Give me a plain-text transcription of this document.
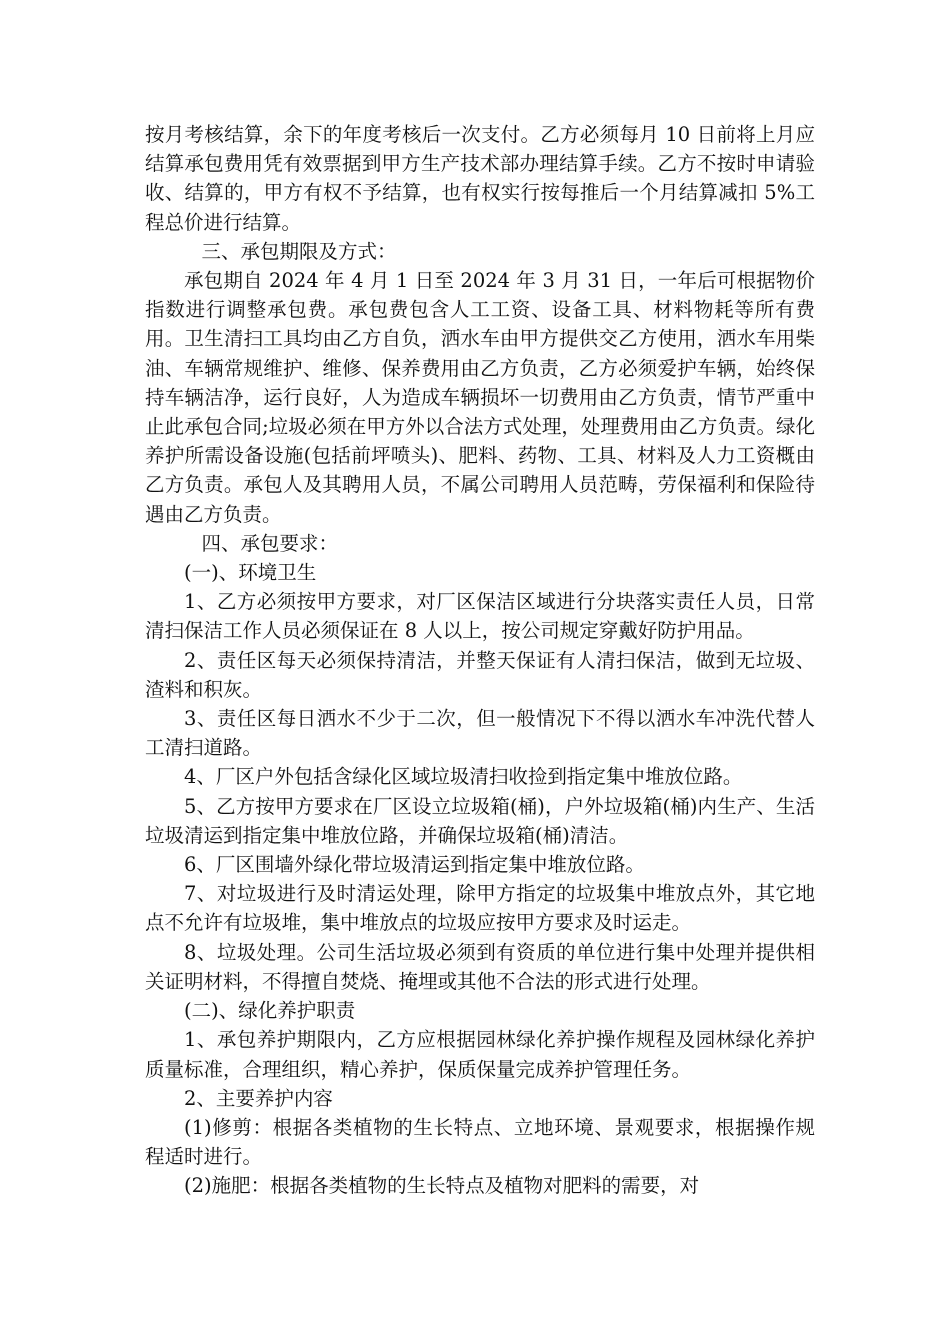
按月考核结算，余下的年度考核后一次支付。乙方必须每月 10 日前将上月应结算承包费用凭有效票据到甲方生产技术部办理结算手续。乙方不按时申请验收、结算的，甲方有权不予结算，也有权实行按每推后一个月结算减扣 5%工程总价进行结算。

三、承包期限及方式：

承包期自 2024 年 4 月 1 日至 2024 年 3 月 31 日，一年后可根据物价指数进行调整承包费。承包费包含人工工资、设备工具、材料物耗等所有费用。卫生清扫工具均由乙方自负，洒水车由甲方提供交乙方使用，洒水车用柴油、车辆常规维护、维修、保养费用由乙方负责，乙方必须爱护车辆，始终保持车辆洁净，运行良好，人为造成车辆损坏一切费用由乙方负责，情节严重中止此承包合同;垃圾必须在甲方外以合法方式处理，处理费用由乙方负责。绿化养护所需设备设施(包括前坪喷头)、肥料、药物、工具、材料及人力工资概由乙方负责。承包人及其聘用人员，不属公司聘用人员范畴，劳保福利和保险待遇由乙方负责。

四、承包要求：

(一)、环境卫生

1、乙方必须按甲方要求，对厂区保洁区域进行分块落实责任人员，日常清扫保洁工作人员必须保证在 8 人以上，按公司规定穿戴好防护用品。

2、责任区每天必须保持清洁，并整天保证有人清扫保洁，做到无垃圾、渣料和积灰。

3、责任区每日洒水不少于二次，但一般情况下不得以洒水车冲洗代替人工清扫道路。

4、厂区户外包括含绿化区域垃圾清扫收捡到指定集中堆放位路。

5、乙方按甲方要求在厂区设立垃圾箱(桶)，户外垃圾箱(桶)内生产、生活垃圾清运到指定集中堆放位路，并确保垃圾箱(桶)清洁。

6、厂区围墙外绿化带垃圾清运到指定集中堆放位路。

7、对垃圾进行及时清运处理，除甲方指定的垃圾集中堆放点外，其它地点不允许有垃圾堆，集中堆放点的垃圾应按甲方要求及时运走。

8、垃圾处理。公司生活垃圾必须到有资质的单位进行集中处理并提供相关证明材料，不得擅自焚烧、掩埋或其他不合法的形式进行处理。

(二)、绿化养护职责

1、承包养护期限内，乙方应根据园林绿化养护操作规程及园林绿化养护质量标准，合理组织，精心养护，保质保量完成养护管理任务。

2、主要养护内容

(1)修剪：根据各类植物的生长特点、立地环境、景观要求，根据操作规程适时进行。

(2)施肥：根据各类植物的生长特点及植物对肥料的需要，对
